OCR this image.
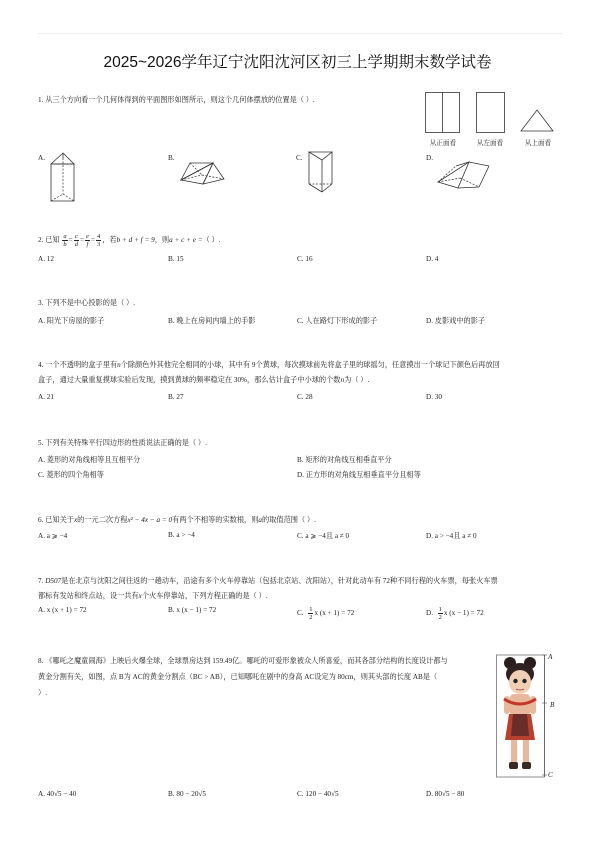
2025~2026学年辽宁沈阳沈河区初三上学期期末数学试卷
1. 从三个方向看一个几何体得到的平面图形如图所示，则这个几何体摆放的位置是（ ）.
从正面看	从左面看	从上面看
A.	B.	C.	D.
2. 已知 $\frac{a}{b} = \frac{c}{d} = \frac{e}{f} = \frac{4}{3}$ ，若b + d + f = 9，则a + c + e =（ ）.
A. 12	B. 15	C. 16	D. 4
3. 下列不是中心投影的是（ ）.
A. 阳光下房屋的影子	B. 晚上在房间内墙上的手影	C. 人在路灯下形成的影子	D. 皮影戏中的影子
4. 一个不透明的盒子里有n个除颜色外其他完全相同的小球，其中有 9个黄球，每次摸球前先将盒子里的球摇匀，任意摸出一个球记下颜色后再放回
盒子，通过大量重复摸球实验后发现，摸到黄球的频率稳定在 30%，那么估计盒子中小球的个数n为（ ）.
A. 21	B. 27	C. 28	D. 30
5. 下列有关特殊平行四边形的性质说法正确的是（ ）.
A. 菱形的对角线相等且互相平分	B. 矩形的对角线互相垂直平分
C. 菱形的四个角相等	D. 正方形的对角线互相垂直平分且相等
6. 已知关于x的一元二次方程x² − 4x − a = 0有两个不相等的实数根，则a的取值范围（ ）.
A. a ⩾ −4	B. a > −4	C. a ⩾ −4且 a ≠ 0	D. a > −4且 a ≠ 0
7. D507是在北京与沈阳之间往返的一趟动车，沿途有多个火车停靠站（包括北京站、沈阳站），针对此动车有 72种不同行程的火车票，每张火车票
都标有发站和终点站，设一共有x个火车停靠站，下列方程正确的是（ ）.
A. x (x + 1) = 72	B. x (x − 1) = 72	C. $\frac{1}{2}$ x (x + 1) = 72	D. $\frac{1}{2}$ x (x − 1) = 72
8. 《哪吒之魔童闹海》上映后火爆全球，全球票房达到 159.49亿。哪吒的可爱形象被众人所喜爱，而其各部分结构的长度设计都与
黄金分割有关，如图，点 B为 AC的黄金分割点（BC > AB），已知哪吒在剧中的身高 AC设定为 80cm，则其头部的长度 AB是（
）.
A
B
C
A. 40√5 − 40	B. 80 − 20√5	C. 120 − 40√5	D. 80√5 − 80
